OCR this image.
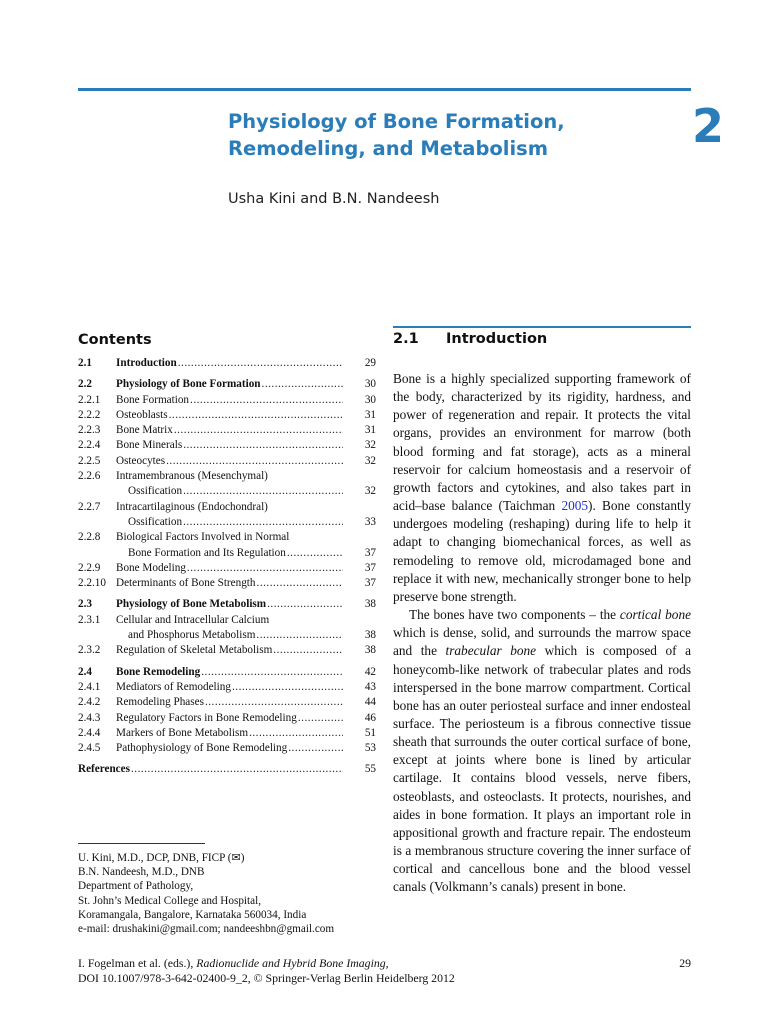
Physiology of Bone Formation,
Remodeling, and Metabolism	2
Usha Kini and B.N. Nandeesh
Contents
2.1	Introduction .....	29
2.2	Physiology of Bone Formation .....	30
2.2.1	Bone Formation .....	30
2.2.2	Osteoblasts .....	31
2.2.3	Bone Matrix .....	31
2.2.4	Bone Minerals .....	32
2.2.5	Osteocytes .....	32
2.2.6	Intramembranous (Mesenchymal)
Ossification .....	32
2.2.7	Intracartilaginous (Endochondral)
Ossification .....	33
2.2.8	Biological Factors Involved in Normal
Bone Formation and Its Regulation .....	37
2.2.9	Bone Modeling .....	37
2.2.10 Determinants of Bone Strength .....	37
2.3	Physiology of Bone Metabolism .....	38
2.3.1	Cellular and Intracellular Calcium
and Phosphorus Metabolism .....	38
2.3.2	Regulation of Skeletal Metabolism .....	38
2.4	Bone Remodeling .....	42
2.4.1	Mediators of Remodeling .....	43
2.4.2	Remodeling Phases .....	44
2.4.3	Regulatory Factors in Bone Remodeling .....	46
2.4.4	Markers of Bone Metabolism .....	51
2.4.5	Pathophysiology of Bone Remodeling .....	53
References .....	55
U. Kini, M.D., DCP, DNB, FICP (✉)
B.N. Nandeesh, M.D., DNB
Department of Pathology,
St. John’s Medical College and Hospital,
Koramangala, Bangalore, Karnataka 560034, India
e-mail: drushakini@gmail.com; nandeeshbn@gmail.com
2.1 Introduction

Bone is a highly specialized supporting framework of the body, characterized by its rigidity, hardness, and power of regeneration and repair. It protects the vital organs, provides an environment for marrow (both blood forming and fat storage), acts as a mineral reservoir for calcium homeostasis and a reservoir of growth factors and cytokines, and also takes part in acid–base balance (Taichman 2005). Bone constantly undergoes modeling (reshaping) during life to help it adapt to changing biomechanical forces, as well as remodeling to remove old, microdamaged bone and replace it with new, mechanically stronger bone to help preserve bone strength.

The bones have two components – the cortical bone which is dense, solid, and surrounds the marrow space and the trabecular bone which is composed of a honeycomb-like network of trabecular plates and rods interspersed in the bone marrow compartment. Cortical bone has an outer periosteal surface and inner endosteal surface. The periosteum is a fibrous connective tissue sheath that surrounds the outer cortical surface of bone, except at joints where bone is lined by articular cartilage. It contains blood vessels, nerve fibers, osteoblasts, and osteoclasts. It protects, nourishes, and aides in bone formation. It plays an important role in appositional growth and fracture repair. The endosteum is a membranous structure covering the inner surface of cortical and cancellous bone and the blood vessel canals (Volkmann’s canals) present in bone.

I. Fogelman et al. (eds.), Radionuclide and Hybrid Bone Imaging,
DOI 10.1007/978-3-642-02400-9_2, © Springer-Verlag Berlin Heidelberg 2012
29
